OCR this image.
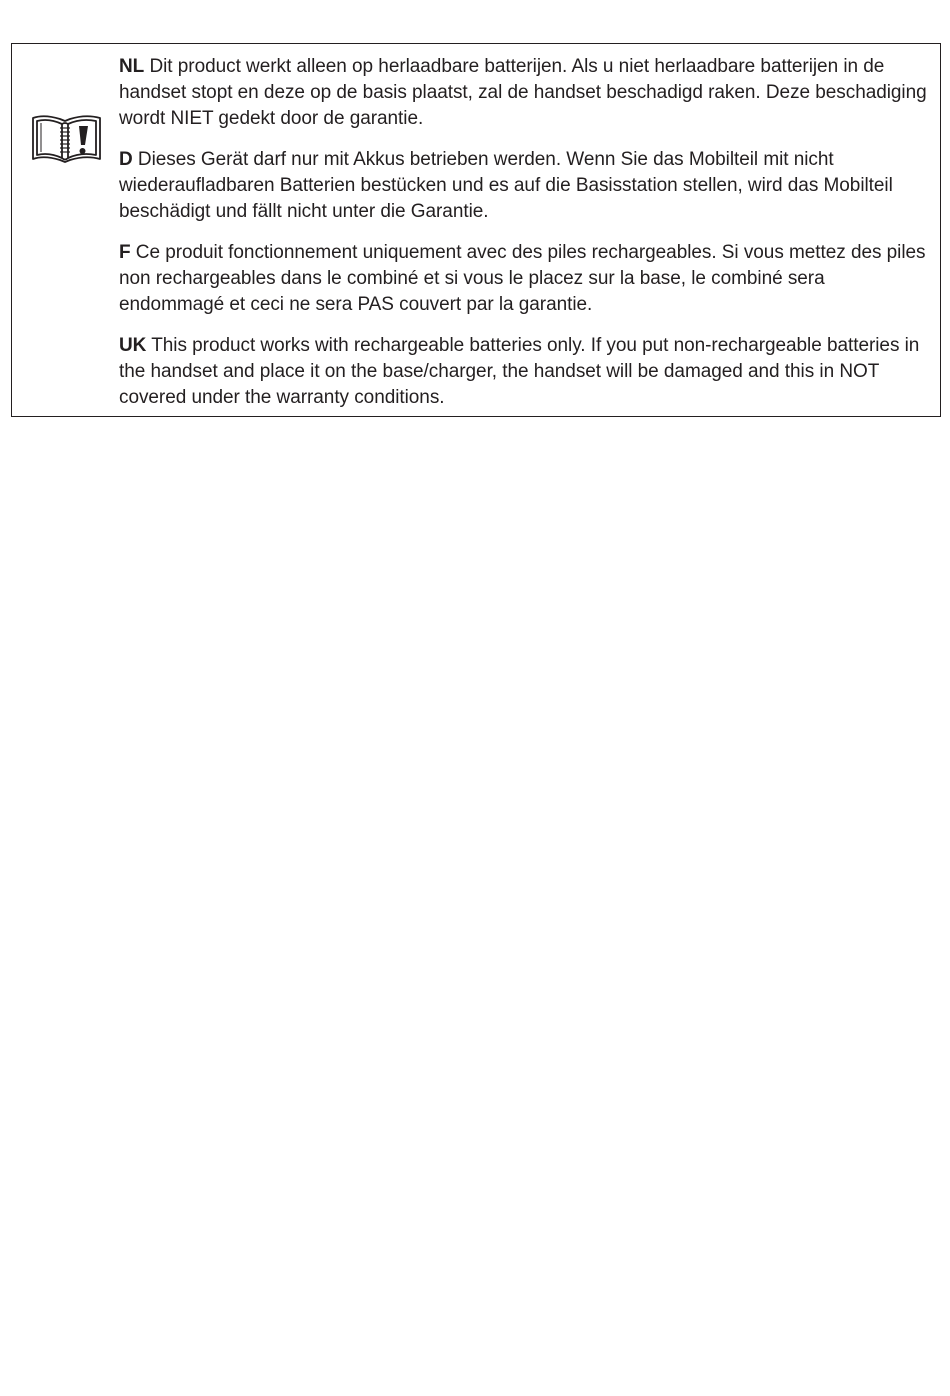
NL Dit product werkt alleen op herlaadbare batterijen. Als u niet herlaadbare batterijen in de handset stopt en deze op de basis plaatst, zal de handset beschadigd raken. Deze beschadiging wordt NIET gedekt door de garantie.

D Dieses Gerät darf nur mit Akkus betrieben werden. Wenn Sie das Mobilteil mit nicht wiederaufladbaren Batterien bestücken und es auf die Basisstation stellen, wird das Mobilteil beschädigt und fällt nicht unter die Garantie.

F Ce produit fonctionnement uniquement avec des piles rechargeables. Si vous mettez des piles non rechargeables dans le combiné et si vous le placez sur la base, le combiné sera endommagé et ceci ne sera PAS couvert par la garantie.

UK This product works with rechargeable batteries only. If you put non-rechargeable batteries in the handset and place it on the base/charger, the handset will be damaged and this in NOT covered under the warranty conditions.
